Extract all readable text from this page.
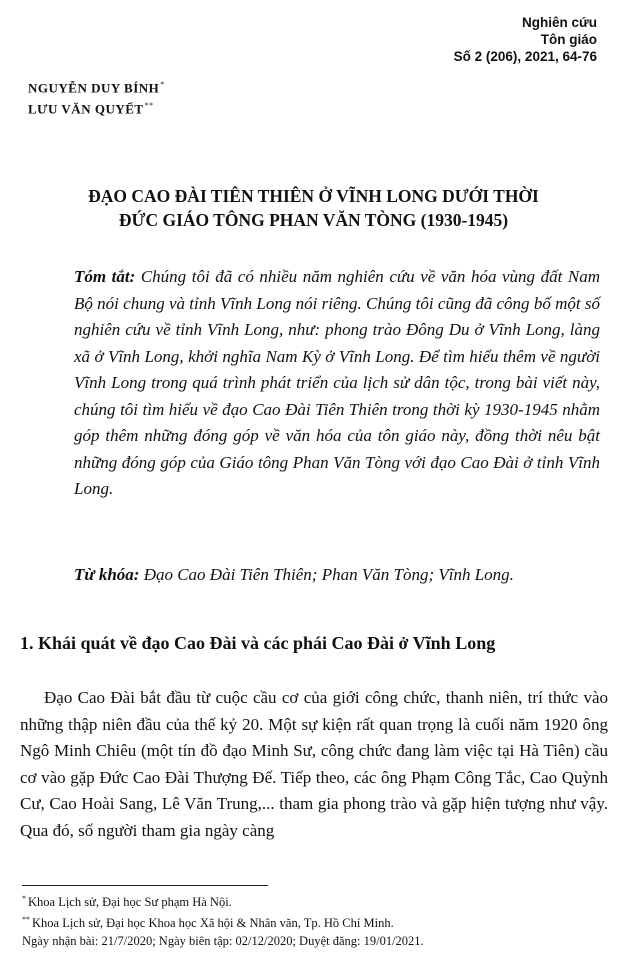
Nghiên cứu
Tôn giáo
Số 2 (206), 2021, 64-76
NGUYỄN DUY BÍNH*
LƯU VĂN QUYẾT**
ĐẠO CAO ĐÀI TIÊN THIÊN Ở VĨNH LONG DƯỚI THỜI
ĐỨC GIÁO TÔNG PHAN VĂN TÒNG (1930-1945)

Tóm tắt: Chúng tôi đã có nhiều năm nghiên cứu về văn hóa vùng đất Nam Bộ nói chung và tỉnh Vĩnh Long nói riêng. Chúng tôi cũng đã công bố một số nghiên cứu về tỉnh Vĩnh Long, như: phong trào Đông Du ở Vĩnh Long, làng xã ở Vĩnh Long, khởi nghĩa Nam Kỳ ở Vĩnh Long. Để tìm hiểu thêm về người Vĩnh Long trong quá trình phát triển của lịch sử dân tộc, trong bài viết này, chúng tôi tìm hiểu về đạo Cao Đài Tiên Thiên trong thời kỳ 1930-1945 nhằm góp thêm những đóng góp về văn hóa của tôn giáo này, đồng thời nêu bật những đóng góp của Giáo tông Phan Văn Tòng với đạo Cao Đài ở tỉnh Vĩnh Long.

Từ khóa: Đạo Cao Đài Tiên Thiên; Phan Văn Tòng; Vĩnh Long.

1. Khái quát về đạo Cao Đài và các phái Cao Đài ở Vĩnh Long

Đạo Cao Đài bắt đầu từ cuộc cầu cơ của giới công chức, thanh niên, trí thức vào những thập niên đầu của thế kỷ 20. Một sự kiện rất quan trọng là cuối năm 1920 ông Ngô Minh Chiêu (một tín đồ đạo Minh Sư, công chức đang làm việc tại Hà Tiên) cầu cơ vào gặp Đức Cao Đài Thượng Đế. Tiếp theo, các ông Phạm Công Tắc, Cao Quỳnh Cư, Cao Hoài Sang, Lê Văn Trung,... tham gia phong trào và gặp hiện tượng như vậy. Qua đó, số người tham gia ngày càng

* Khoa Lịch sử, Đại học Sư phạm Hà Nội.
** Khoa Lịch sử, Đại học Khoa học Xã hội & Nhân văn, Tp. Hồ Chí Minh.
Ngày nhận bài: 21/7/2020; Ngày biên tập: 02/12/2020; Duyệt đăng: 19/01/2021.
